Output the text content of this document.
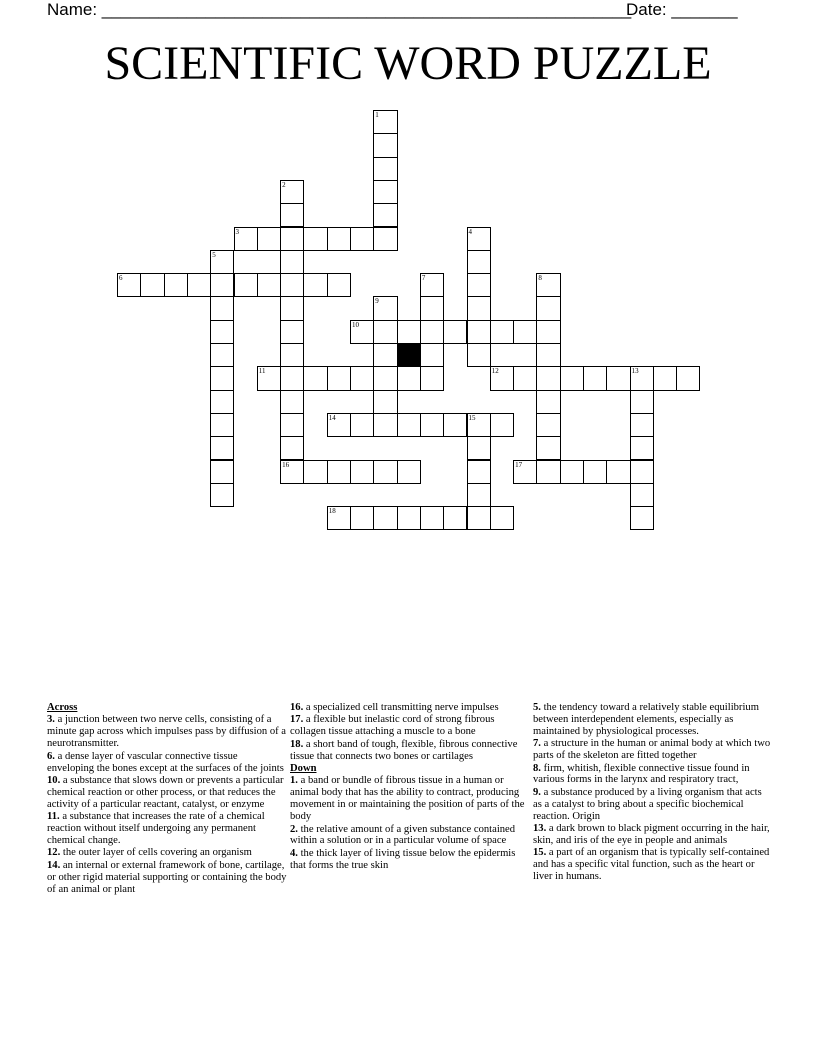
Name: ________________________________________________________
Date: _______
SCIENTIFIC WORD PUZZLE
1
2
16
3	4
5
6	7	8
9
10
11	12	13
14	15
17
18

Across

3. a junction between two nerve cells, consisting of a minute gap across which impulses pass by diffusion of a neurotransmitter.

6. a dense layer of vascular connective tissue enveloping the bones except at the surfaces of the joints

10. a substance that slows down or prevents a particular chemical reaction or other process, or that reduces the activity of a particular reactant, catalyst, or enzyme

11. a substance that increases the rate of a chemical reaction without itself undergoing any permanent chemical change.

12. the outer layer of cells covering an organism

14. an internal or external framework of bone, cartilage, or other rigid material supporting or containing the body of an animal or plant

16. a specialized cell transmitting nerve impulses

17. a flexible but inelastic cord of strong fibrous collagen tissue attaching a muscle to a bone

18. a short band of tough, flexible, fibrous connective tissue that connects two bones or cartilages

Down

1. a band or bundle of fibrous tissue in a human or animal body that has the ability to contract, producing movement in or maintaining the position of parts of the body

2. the relative amount of a given substance contained within a solution or in a particular volume of space

4. the thick layer of living tissue below the epidermis that forms the true skin

5. the tendency toward a relatively stable equilibrium between interdependent elements, especially as maintained by physiological processes.

7. a structure in the human or animal body at which two parts of the skeleton are fitted together

8. firm, whitish, flexible connective tissue found in various forms in the larynx and respiratory tract,

9. a substance produced by a living organism that acts as a catalyst to bring about a specific biochemical reaction. Origin

13. a dark brown to black pigment occurring in the hair, skin, and iris of the eye in people and animals

15. a part of an organism that is typically self-contained and has a specific vital function, such as the heart or liver in humans.
